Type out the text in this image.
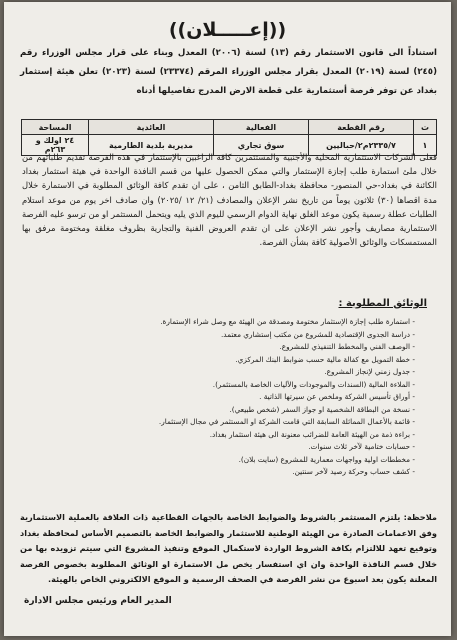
((إعـــــلان))
استناداً الى قانون الاستثمار رقم (١٣) لسنة (٢٠٠٦) المعدل وبناء على قرار مجلس الوزراء رقم (٢٤٥) لسنة (٢٠١٩) المعدل بقرار مجلس الوزراء المرقم (٢٣٣٧٤) لسنة (٢٠٢٣) تعلن هيئة إستثمار بغداد عن توفر فرصة أستثمارية على قطعة الارض المدرج تفاصيلها أدناه
ت	رقم القطعة	الفعالية	العائدية	المساحة
١	٢٣٣٥/٧م٢/حباليين	سوق تجاري	مديرية بلدية الطارمية	٢٤ اولك و ٢٦٣م
فعلى الشركات الاستثمارية المحلية والأجنبية والمستثمرين كافة الراغبين بالإستثمار في هذه الفرصة تقديم طلباتهم من خلال ملئ استمارة طلب إجازة الإستثمار والتي ممكن الحصول عليها من قسم النافذة الواحدة في هيئة استثمار بغداد الكائنة في بغداد-حي المنصور- محافظة بغداد-الطابق الثامن ، على ان تقدم كافة الوثائق المطلوبة في الاستمارة خلال مدة اقصاها (٣٠) ثلاثون يوماً من تاريخ نشر الإعلان والمصادف (٢١/ ١٢ /٢٠٢٥) وان صادف اخر يوم من موعد استلام الطلبات عطلة رسمية يكون موعد الغلق نهاية الدوام الرسمي لليوم الذي يليه ويتحمل المستثمر او من ترسو عليه الفرصة الاستثمارية مصاريف وأجور نشر الإعلان على ان تقدم العروض الفنية والتجارية بظروف مغلقة ومختومة مرفق بها المستمسكات والوثائق الأصولية كافة بشأن الفرصة.
الوثائق المطلوبة :
- استمارة طلب إجازة الإستثمار مختومة ومصدقة من الهيئة مع وصل شراء الإستمارة.
- دراسة الجدوى الإقتصادية للمشروع من مكتب إستشاري معتمد.
- الوصف الفني والمخطط التنفيذي للمشروع.
- خطة التمويل مع كفالة مالية حسب ضوابط البنك المركزي.
- جدول زمني لإنجاز المشروع.
- الملاءة المالية (السندات والموجودات والآليات الخاصة بالمستثمر).
- أوراق تأسيس الشركة وملخص عن سيرتها الذاتية .
- نسخة من البطاقة الشخصية او جواز السفر (شخص طبيعي).
- قائمة بالأعمال المماثلة السابقة التي قامت الشركة او المستثمر في مجال الإستثمار.
- براءة ذمة من الهيئة العامة للضرائب معنونة الى هيئة استثمار بغداد.
- حسابات ختامية لآخر ثلاث سنوات.
- مخططات اولية وواجهات معمارية للمشروع (سايت بلان).
- كشف حساب وحركة رصيد لآخر سنتين.
ملاحظة: يلتزم المستثمر بالشروط والضوابط الخاصة بالجهات القطاعية ذات العلاقة بالعملية الاستثمارية وفق الاعمامات الصادرة من الهيئة الوطنية للاستثمار والضوابط الخاصة بالتصميم الأساس لمحافظة بغداد وتوقيع تعهد للالتزام بكافة الشروط الواردة لاستكمال الموقع وتنفيذ المشروع التي سيتم تزويده بها من خلال قسم النافذة الواحدة وان اي استفسار يخص مل الاستمارة او الوثائق المطلوبة بخصوص الفرصة المعلنة يكون بعد اسبوع من نشر الفرصة في الصحف الرسمية و الموقع الالكتروني الخاص بالهيئة.
المدير العام ورئيس مجلس الادارة
